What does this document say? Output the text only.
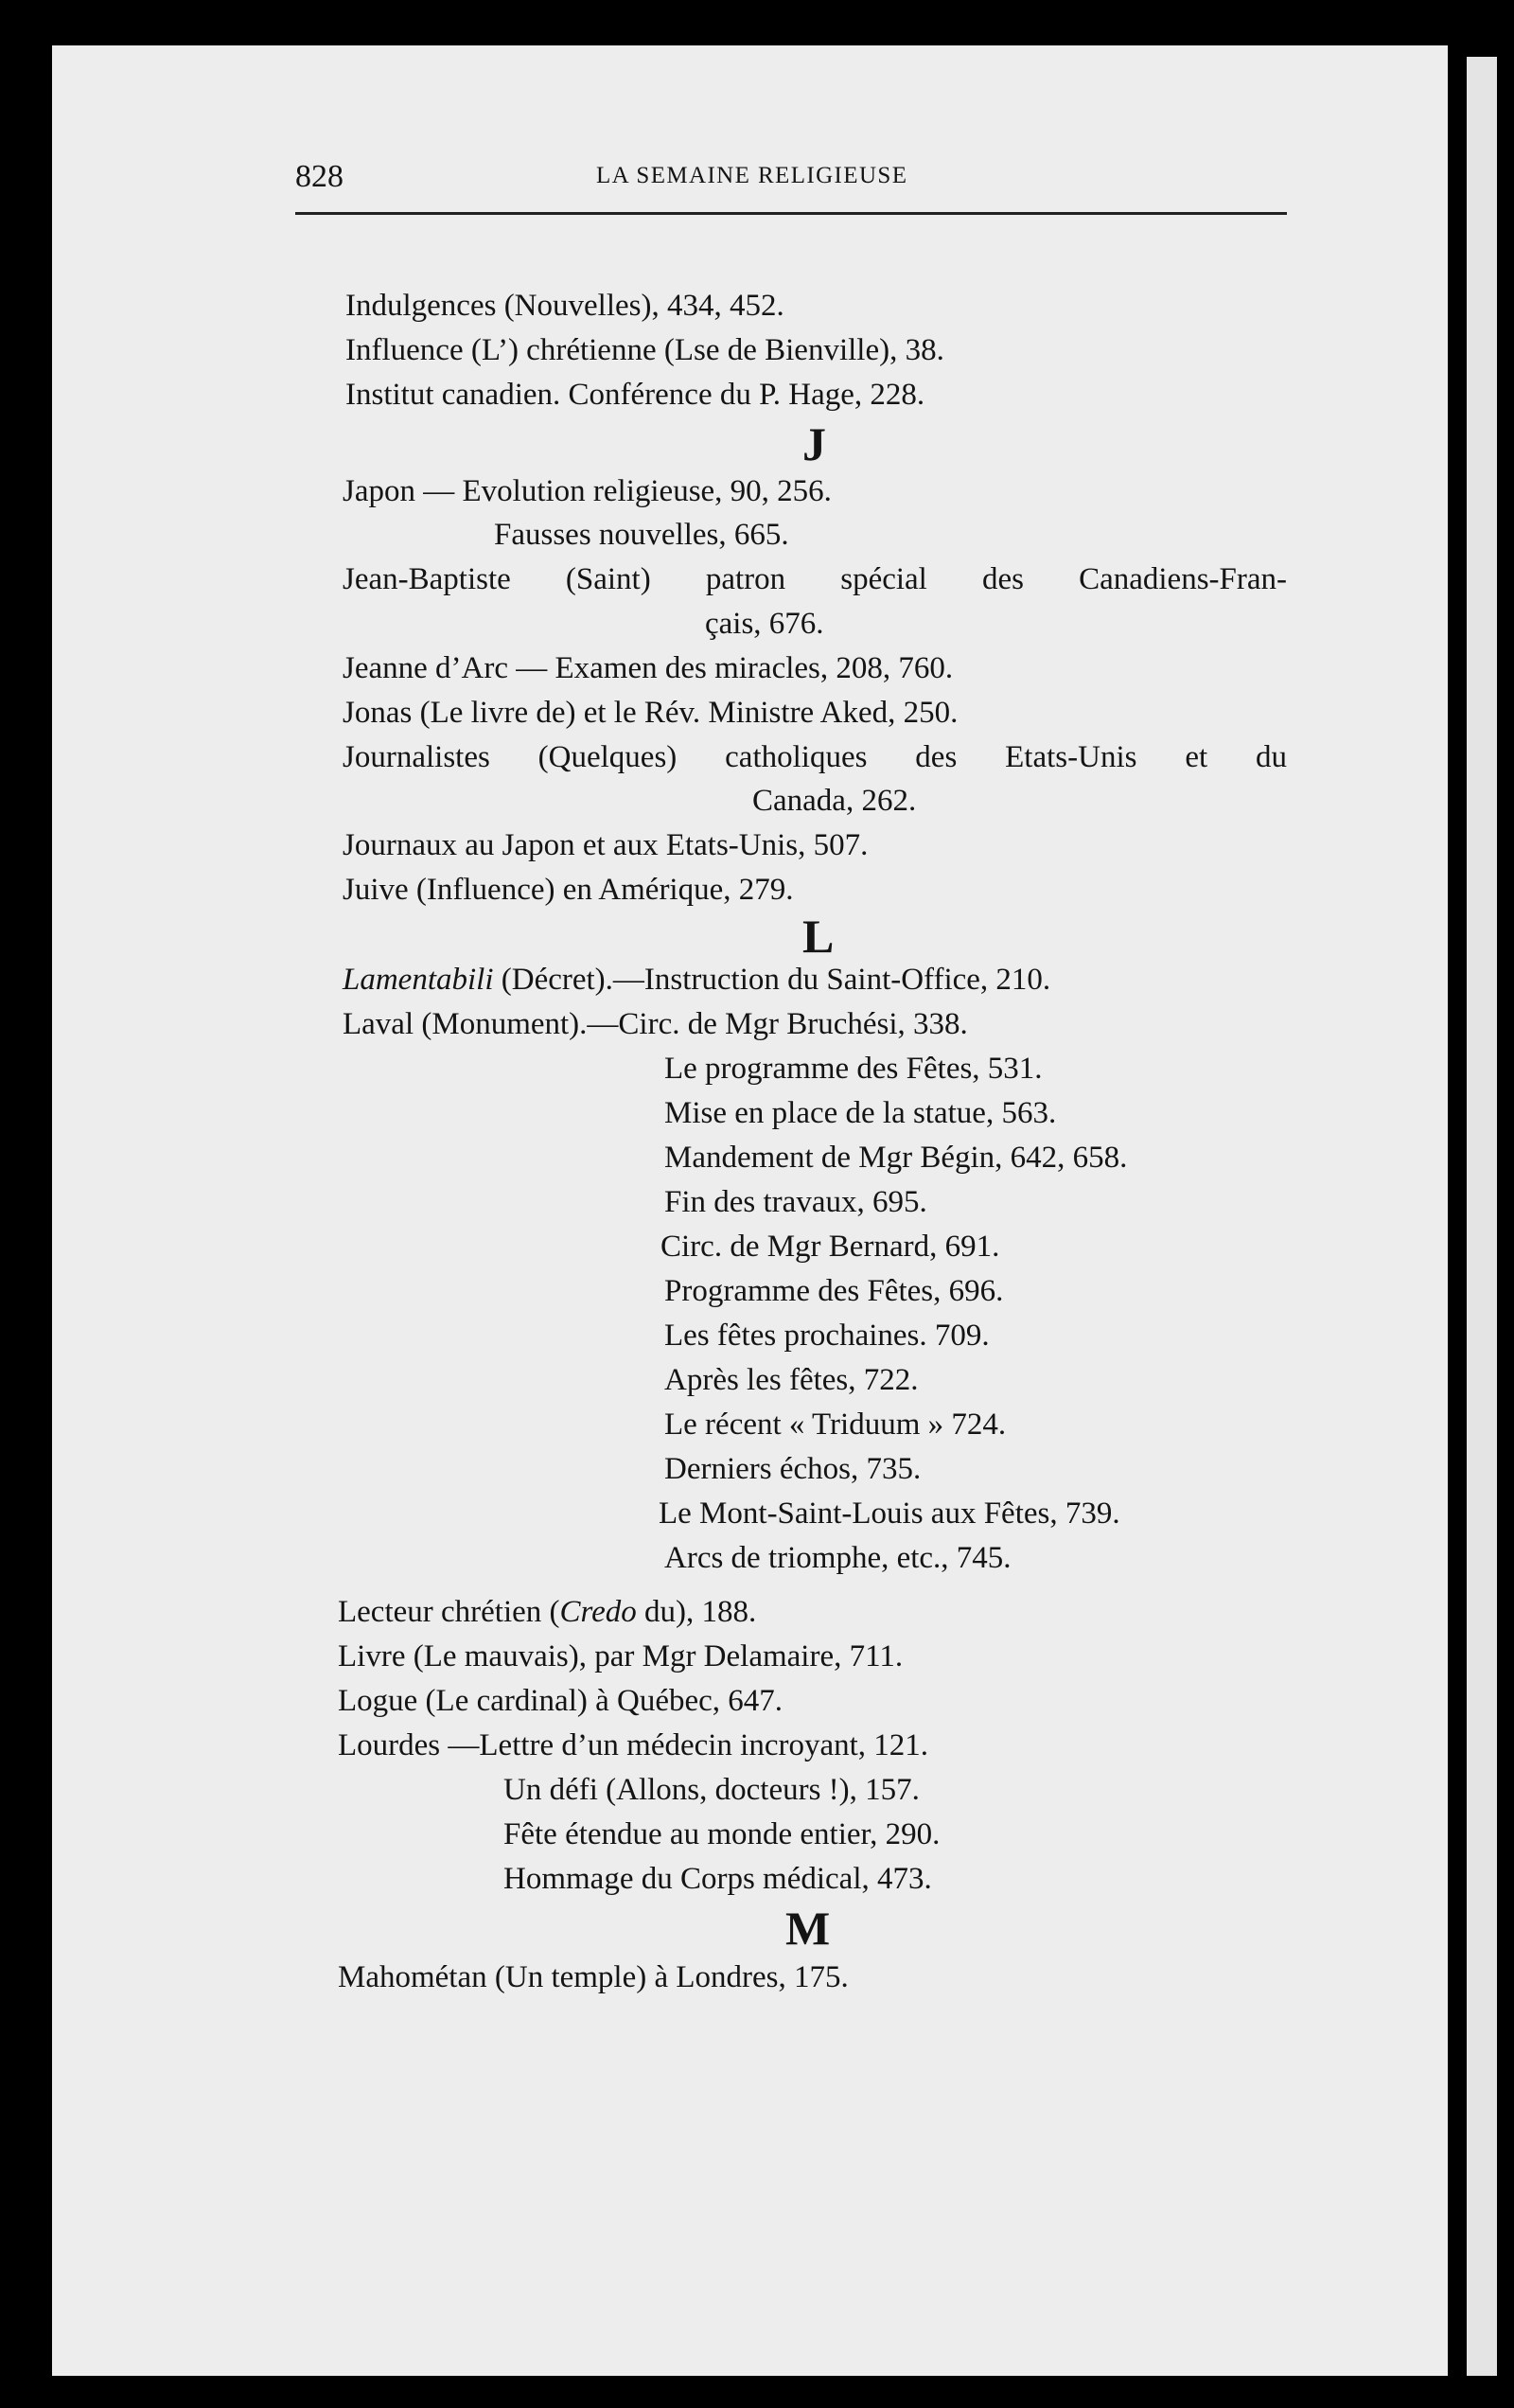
828	LA SEMAINE RELIGIEUSE
Indulgences (Nouvelles), 434, 452.
Influence (L’) chrétienne (Lse de Bienville), 38.
Institut canadien. Conférence du P. Hage, 228.
J
Japon — Evolution religieuse, 90, 256.
Fausses nouvelles, 665.
Jean-Baptiste (Saint) patron spécial des Canadiens-Fran-
çais, 676.
Jeanne d’Arc — Examen des miracles, 208, 760.
Jonas (Le livre de) et le Rév. Ministre Aked, 250.
Journalistes (Quelques) catholiques des Etats-Unis et du
Canada, 262.
Journaux au Japon et aux Etats-Unis, 507.
Juive (Influence) en Amérique, 279.
L
Lamentabili (Décret).—Instruction du Saint-Office, 210.
Laval (Monument).—Circ. de Mgr Bruchési, 338.
Le programme des Fêtes, 531.
Mise en place de la statue, 563.
Mandement de Mgr Bégin, 642, 658.
Fin des travaux, 695.
Circ. de Mgr Bernard, 691.
Programme des Fêtes, 696.
Les fêtes prochaines. 709.
Après les fêtes, 722.
Le récent « Triduum » 724.
Derniers échos, 735.
Le Mont-Saint-Louis aux Fêtes, 739.
Arcs de triomphe, etc., 745.
Lecteur chrétien (Credo du), 188.
Livre (Le mauvais), par Mgr Delamaire, 711.
Logue (Le cardinal) à Québec, 647.
Lourdes —Lettre d’un médecin incroyant, 121.
Un défi (Allons, docteurs !), 157.
Fête étendue au monde entier, 290.
Hommage du Corps médical, 473.
M
Mahométan (Un temple) à Londres, 175.
